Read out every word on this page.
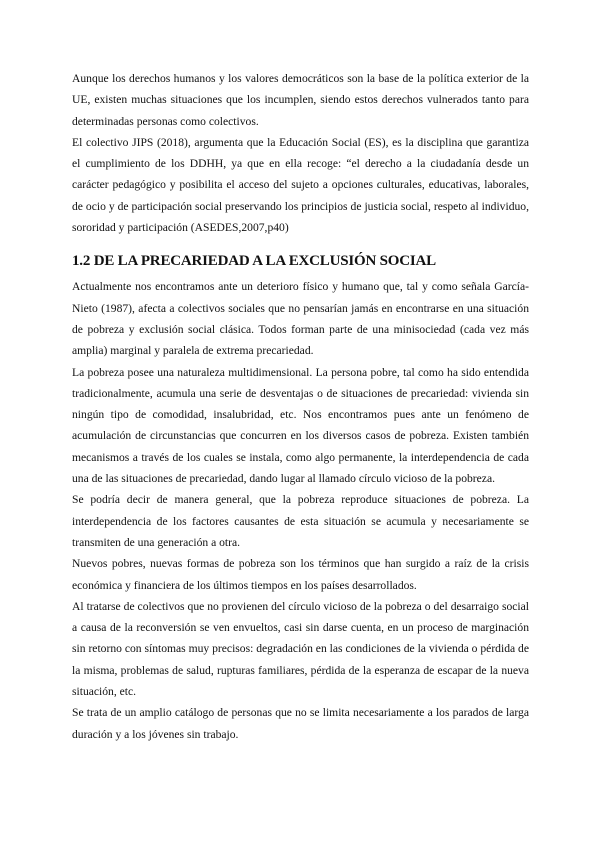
Aunque los derechos humanos y los valores democráticos son la base de la política exterior de la UE, existen muchas situaciones que los incumplen, siendo estos derechos vulnerados tanto para determinadas personas como colectivos.

El colectivo JIPS (2018), argumenta que la Educación Social (ES), es la disciplina que garantiza el cumplimiento de los DDHH, ya que en ella recoge: “el derecho a la ciudadanía desde un carácter pedagógico y posibilita el acceso del sujeto a opciones culturales, educativas, laborales, de ocio y de participación social preservando los principios de justicia social, respeto al individuo, sororidad y participación (ASEDES,2007,p40)

1.2 DE LA PRECARIEDAD A LA EXCLUSIÓN SOCIAL

Actualmente nos encontramos ante un deterioro físico y humano que, tal y como señala García- Nieto (1987), afecta a colectivos sociales que no pensarían jamás en encontrarse en una situación de pobreza y exclusión social clásica. Todos forman parte de una minisociedad (cada vez más amplia) marginal y paralela de extrema precariedad.

La pobreza posee una naturaleza multidimensional. La persona pobre, tal como ha sido entendida tradicionalmente, acumula una serie de desventajas o de situaciones de precariedad: vivienda sin ningún tipo de comodidad, insalubridad, etc. Nos encontramos pues ante un fenómeno de acumulación de circunstancias que concurren en los diversos casos de pobreza. Existen también mecanismos a través de los cuales se instala, como algo permanente, la interdependencia de cada una de las situaciones de precariedad, dando lugar al llamado círculo vicioso de la pobreza.

Se podría decir de manera general, que la pobreza reproduce situaciones de pobreza. La interdependencia de los factores causantes de esta situación se acumula y necesariamente se transmiten de una generación a otra.

Nuevos pobres, nuevas formas de pobreza son los términos que han surgido a raíz de la crisis económica y financiera de los últimos tiempos en los países desarrollados.

Al tratarse de colectivos que no provienen del círculo vicioso de la pobreza o del desarraigo social a causa de la reconversión se ven envueltos, casi sin darse cuenta, en un proceso de marginación sin retorno con síntomas muy precisos: degradación en las condiciones de la vivienda o pérdida de la misma, problemas de salud, rupturas familiares, pérdida de la esperanza de escapar de la nueva situación, etc.

Se trata de un amplio catálogo de personas que no se limita necesariamente a los parados de larga duración y a los jóvenes sin trabajo.
